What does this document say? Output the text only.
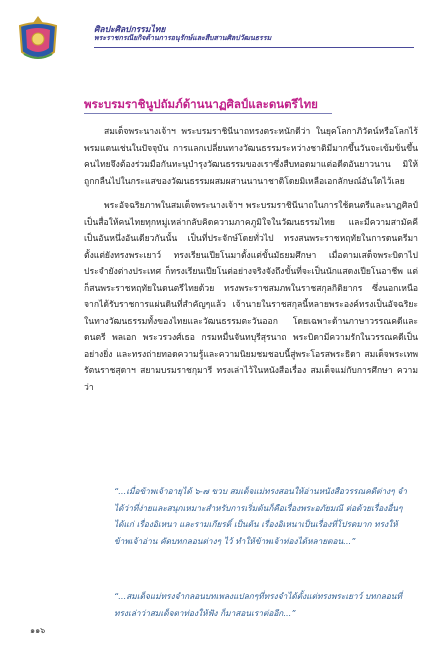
ศิลปะศิลปกรรมไทย
พระราชกรณียกิจด้านการอนุรักษ์และสืบสานศิลปวัฒนธรรม
พระบรมราชินูปถัมภ์ด้านนาฏศิลป์และดนตรีไทย

สมเด็จพระนางเจ้าฯ พระบรมราชินีนาถทรงตระหนักดีว่า ในยุคโลกาภิวัตน์หรือโลกไร้พรมแดนเช่นในปัจจุบัน การแลกเปลี่ยนทางวัฒนธรรมระหว่างชาติมีมากขึ้นวันจะเข้มข้นขึ้น คนไทยจึงต้องร่วมมือกันทะนุบำรุงวัฒนธรรมของเราซึ่งสืบทอดมาแต่อดีตอันยาวนาน มิให้ถูกกลืนไปในกระแสของวัฒนธรรมผสมผสานนานาชาติโดยมิเหลือเอกลักษณ์อันใดไว้เลย

พระอัจฉริยภาพในสมเด็จพระนางเจ้าฯ พระบรมราชินีนาถในการใช้ดนตรีและนาฏศิลป์เป็นสื่อให้คนไทยทุกหมู่เหล่ากลับคิดความภาคภูมิใจในวัฒนธรรมไทย และมีความสามัคคีเป็นอันหนึ่งอันเดียวกันนั้น เป็นที่ประจักษ์โดยทั่วไป ทรงสนพระราชหฤทัยในการดนตรีมาตั้งแต่ยังทรงพระเยาว์ ทรงเรียนเปียโนมาตั้งแต่ขั้นมัธยมศึกษา เมื่อตามเสด็จพระบิดาไปประจำยังต่างประเทศ ก็ทรงเรียนเปียโนต่อย่างจริงจังถึงขั้นที่จะเป็นนักแสดงเปียโนอาชีพ แต่ก็สนพระราชหฤทัยในดนตรีไทยด้วย ทรงพระราชสมภพในราชสกุลกิติยากร ซึ่งนอกเหนือจากได้รับราชการแผ่นดินที่สำคัญๆแล้ว เจ้านายในราชสกุลนี้หลายพระองค์ทรงเป็นอัจฉริยะในทางวัฒนธรรมทั้งของไทยและวัฒนธรรมตะวันออก โดยเฉพาะด้านภาษาวรรณคดีและดนตรี พลเอก พระวรวงศ์เธอ กรมหมื่นจันทบุรีสุรนาถ พระบิดามีความรักในวรรณคดีเป็นอย่างยิ่ง และทรงถ่ายทอดความรู้และความนิยมชมชอบนี้สู่พระโอรสพระธิดา สมเด็จพระเทพรัตนราชสุดาฯ สยามบรมราชกุมารี ทรงเล่าไว้ในหนังสือเรื่อง สมเด็จแม่กับการศึกษา ความว่า

“...เมื่อข้าพเจ้าอายุได้ ๖-๗ ขวบ สมเด็จแม่ทรงสอนให้อ่านหนังสือวรรณคดีต่างๆ จำได้ว่าที่ง่ายและสนุกเหมาะสำหรับการเริ่มต้นก็คือเรื่องพระอภัยมณี ต่อด้วยเรื่องอื่นๆ ได้แก่ เรื่องอิเหนา และรามเกียรติ์ เป็นต้น เรื่องอิเหนาเป็นเรื่องที่โปรดมาก ทรงให้ข้าพเจ้าอ่าน คัดบทกลอนต่างๆ ไว้ ทำให้ข้าพเจ้าท่องได้หลายตอน...”
“...สมเด็จแม่ทรงจำกลอนบทเพลงแปลกๆที่ทรงจำได้ตั้งแต่ทรงพระเยาว์ บทกลอนที่ทรงเล่าว่าสมเด็จตาท่องให้ฟัง ก็มาสอนเราต่ออีก...”
๑๑๖
